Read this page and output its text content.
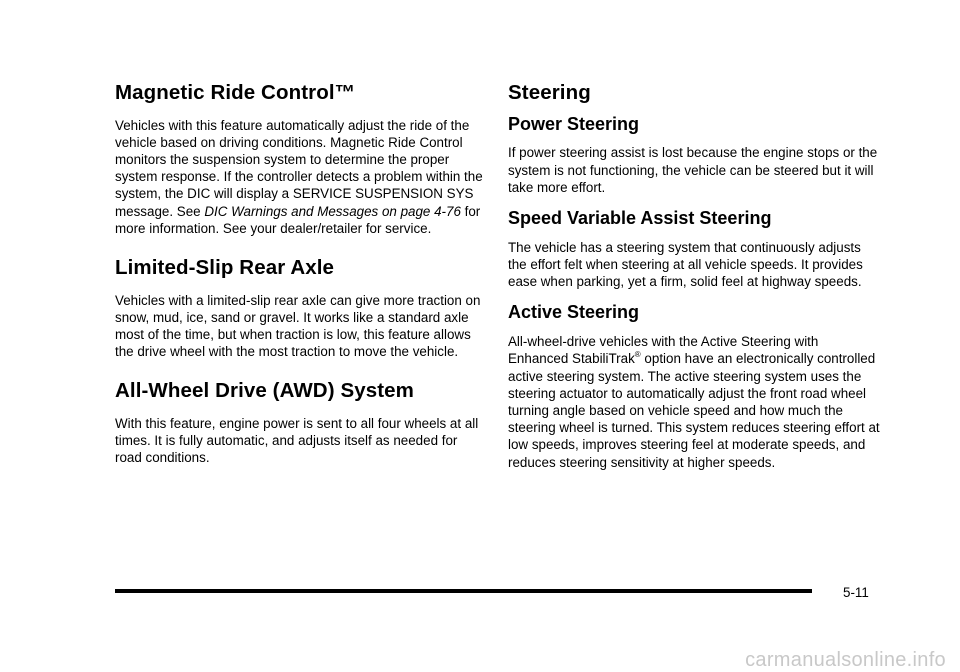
Magnetic Ride Control™

Vehicles with this feature automatically adjust the ride of the vehicle based on driving conditions. Magnetic Ride Control monitors the suspension system to determine the proper system response. If the controller detects a problem within the system, the DIC will display a SERVICE SUSPENSION SYS message. See DIC Warnings and Messages on page 4‑76 for more information. See your dealer/retailer for service.

Limited-Slip Rear Axle

Vehicles with a limited-slip rear axle can give more traction on snow, mud, ice, sand or gravel. It works like a standard axle most of the time, but when traction is low, this feature allows the drive wheel with the most traction to move the vehicle.

All-Wheel Drive (AWD) System

With this feature, engine power is sent to all four wheels at all times. It is fully automatic, and adjusts itself as needed for road conditions.

Steering
Power Steering

If power steering assist is lost because the engine stops or the system is not functioning, the vehicle can be steered but it will take more effort.

Speed Variable Assist Steering

The vehicle has a steering system that continuously adjusts the effort felt when steering at all vehicle speeds. It provides ease when parking, yet a firm, solid feel at highway speeds.

Active Steering

All-wheel-drive vehicles with the Active Steering with Enhanced StabiliTrak® option have an electronically controlled active steering system. The active steering system uses the steering actuator to automatically adjust the front road wheel turning angle based on vehicle speed and how much the steering wheel is turned. This system reduces steering effort at low speeds, improves steering feel at moderate speeds, and reduces steering sensitivity at higher speeds.

5-11
carmanualsonline.info
